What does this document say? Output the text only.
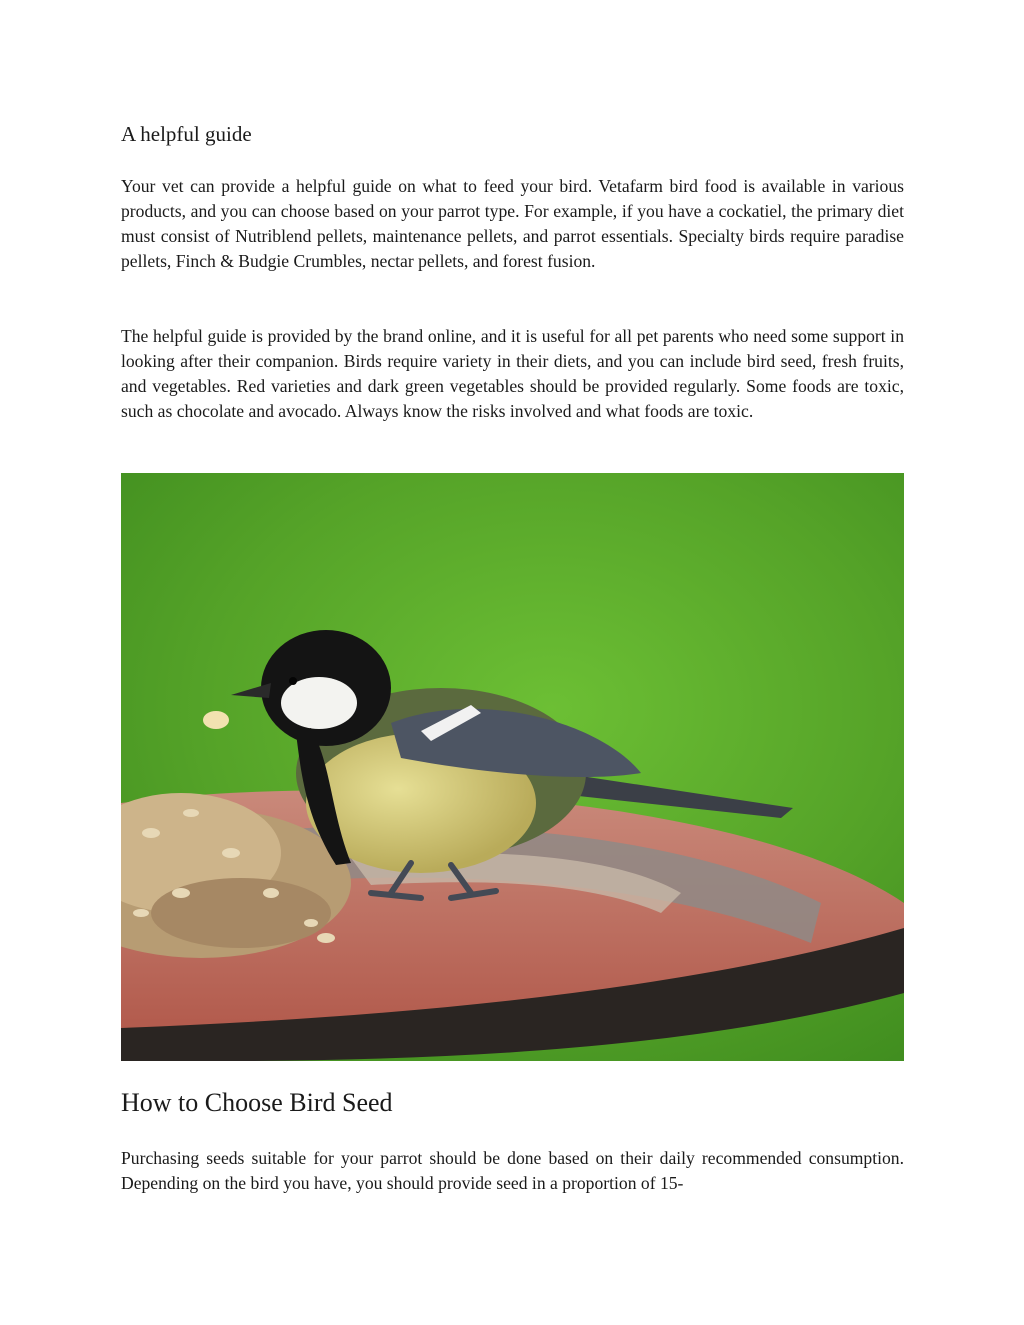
A helpful guide

Your vet can provide a helpful guide on what to feed your bird. Vetafarm bird food is available in various products, and you can choose based on your parrot type. For example, if you have a cockatiel, the primary diet must consist of Nutriblend pellets, maintenance pellets, and parrot essentials. Specialty birds require paradise pellets, Finch & Budgie Crumbles, nectar pellets, and forest fusion.

The helpful guide is provided by the brand online, and it is useful for all pet parents who need some support in looking after their companion. Birds require variety in their diets, and you can include bird seed, fresh fruits, and vegetables. Red varieties and dark green vegetables should be provided regularly. Some foods are toxic, such as chocolate and avocado. Always know the risks involved and what foods are toxic.

How to Choose Bird Seed

Purchasing seeds suitable for your parrot should be done based on their daily recommended consumption. Depending on the bird you have, you should provide seed in a proportion of 15-
